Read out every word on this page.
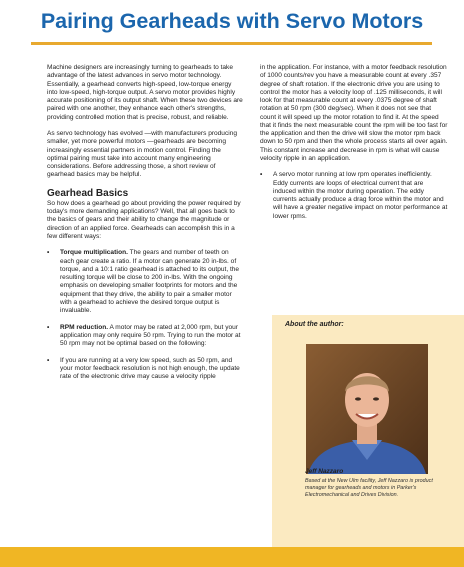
Pairing Gearheads with Servo Motors

Machine designers are increasingly turning to gearheads to take advantage of the latest advances in servo motor technology. Essentially, a gearhead converts high-speed, low-torque energy into low-speed, high-torque output. A servo motor provides highly accurate positioning of its output shaft. When these two devices are paired with one another, they enhance each other's strengths, providing controlled motion that is precise, robust, and reliable.

As servo technology has evolved —with manufacturers producing smaller, yet more powerful motors —gearheads are becoming increasingly essential partners in motion control. Finding the optimal pairing must take into account many engineering considerations. Before addressing those, a short review of gearhead basics may be helpful.

Gearhead Basics

So how does a gearhead go about providing the power required by today's more demanding applications? Well, that all goes back to the basics of gears and their ability to change the magnitude or direction of an applied force. Gearheads can accomplish this in a few different ways:

•	Torque multiplication. The gears and number of teeth on each gear create a ratio. If a motor can generate 20 in-lbs. of torque, and a 10:1 ratio gearhead is attached to its output, the resulting torque will be close to 200 in-lbs. With the ongoing emphasis on developing smaller footprints for motors and the equipment that they drive, the ability to pair a smaller motor with a gearhead to achieve the desired torque output is invaluable.
•	RPM reduction. A motor may be rated at 2,000 rpm, but your application may only require 50 rpm. Trying to run the motor at 50 rpm may not be optimal based on the following:
•	If you are running at a very low speed, such as 50 rpm, and your motor feedback resolution is not high enough, the update rate of the electronic drive may cause a velocity ripple

in the application. For instance, with a motor feedback resolution of 1000 counts/rev you have a measurable count at every .357 degree of shaft rotation. If the electronic drive you are using to control the motor has a velocity loop of .125 milliseconds, it will look for that measurable count at every .0375 degree of shaft rotation at 50 rpm (300 deg/sec). When it does not see that count it will speed up the motor rotation to find it. At the speed that it finds the next measurable count the rpm will be too fast for the application and then the drive will slow the motor rpm back down to 50 rpm and then the whole process starts all over again. This constant increase and decrease in rpm is what will cause velocity ripple in an application.

•	A servo motor running at low rpm operates inefficiently. Eddy currents are loops of electrical current that are induced within the motor during operation. The eddy currents actually produce a drag force within the motor and will have a greater negative impact on motor performance at lower rpms.
About the author:
Jeff Nazzaro
Based at the New Ulm facility, Jeff Nazzaro is product manager for gearheads and motors in Parker's Electromechanical and Drives Division.
